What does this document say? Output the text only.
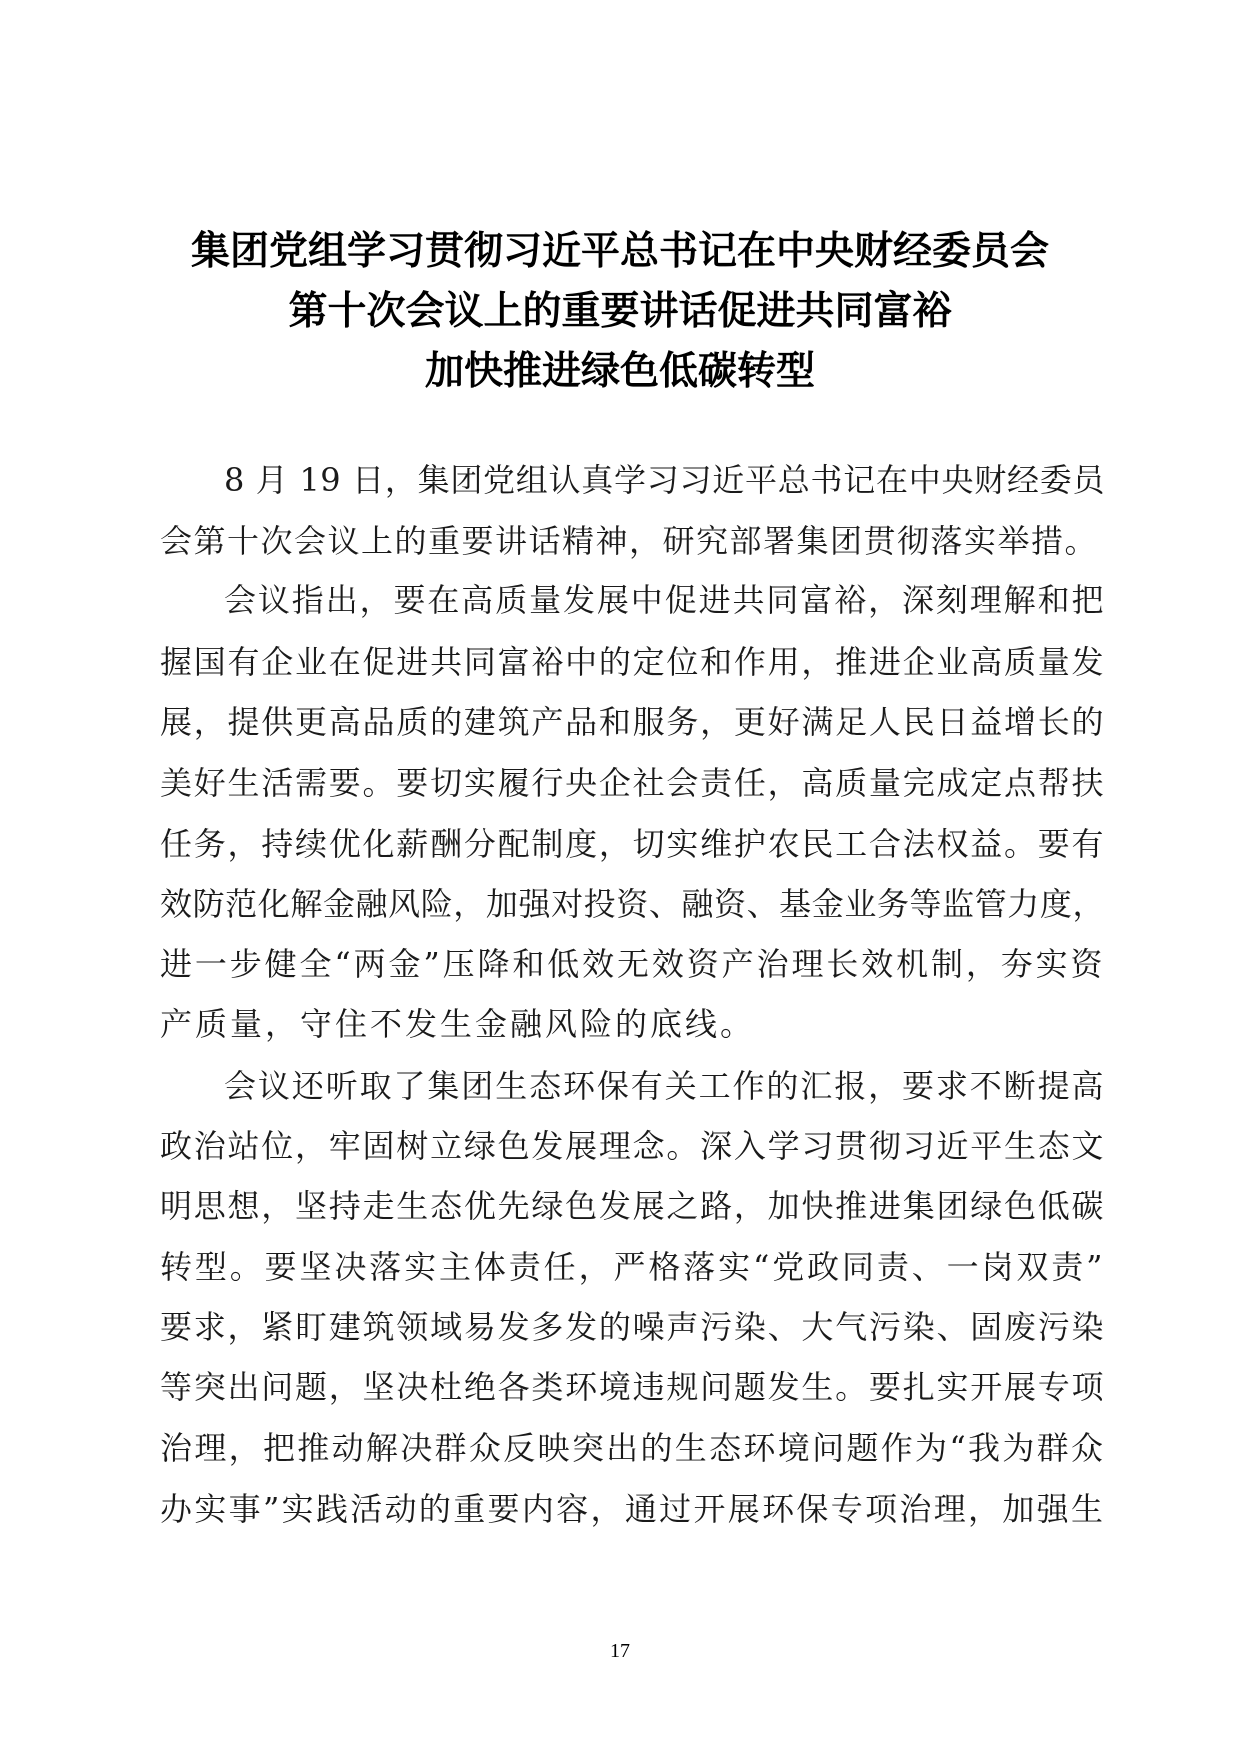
集团党组学习贯彻习近平总书记在中央财经委员会
第十次会议上的重要讲话促进共同富裕
加快推进绿色低碳转型
8 月 19 日，集团党组认真学习习近平总书记在中央财经委员
会第十次会议上的重要讲话精神，研究部署集团贯彻落实举措。
会议指出，要在高质量发展中促进共同富裕，深刻理解和把
握国有企业在促进共同富裕中的定位和作用，推进企业高质量发
展，提供更高品质的建筑产品和服务，更好满足人民日益增长的
美好生活需要。要切实履行央企社会责任，高质量完成定点帮扶
任务，持续优化薪酬分配制度，切实维护农民工合法权益。要有
效防范化解金融风险，加强对投资、融资、基金业务等监管力度，
进一步健全“两金”压降和低效无效资产治理长效机制，夯实资
产质量，守住不发生金融风险的底线。
会议还听取了集团生态环保有关工作的汇报，要求不断提高
政治站位，牢固树立绿色发展理念。深入学习贯彻习近平生态文
明思想，坚持走生态优先绿色发展之路，加快推进集团绿色低碳
转型。要坚决落实主体责任，严格落实“党政同责、一岗双责”
要求，紧盯建筑领域易发多发的噪声污染、大气污染、固废污染
等突出问题，坚决杜绝各类环境违规问题发生。要扎实开展专项
治理，把推动解决群众反映突出的生态环境问题作为“我为群众
办实事”实践活动的重要内容，通过开展环保专项治理，加强生
17
